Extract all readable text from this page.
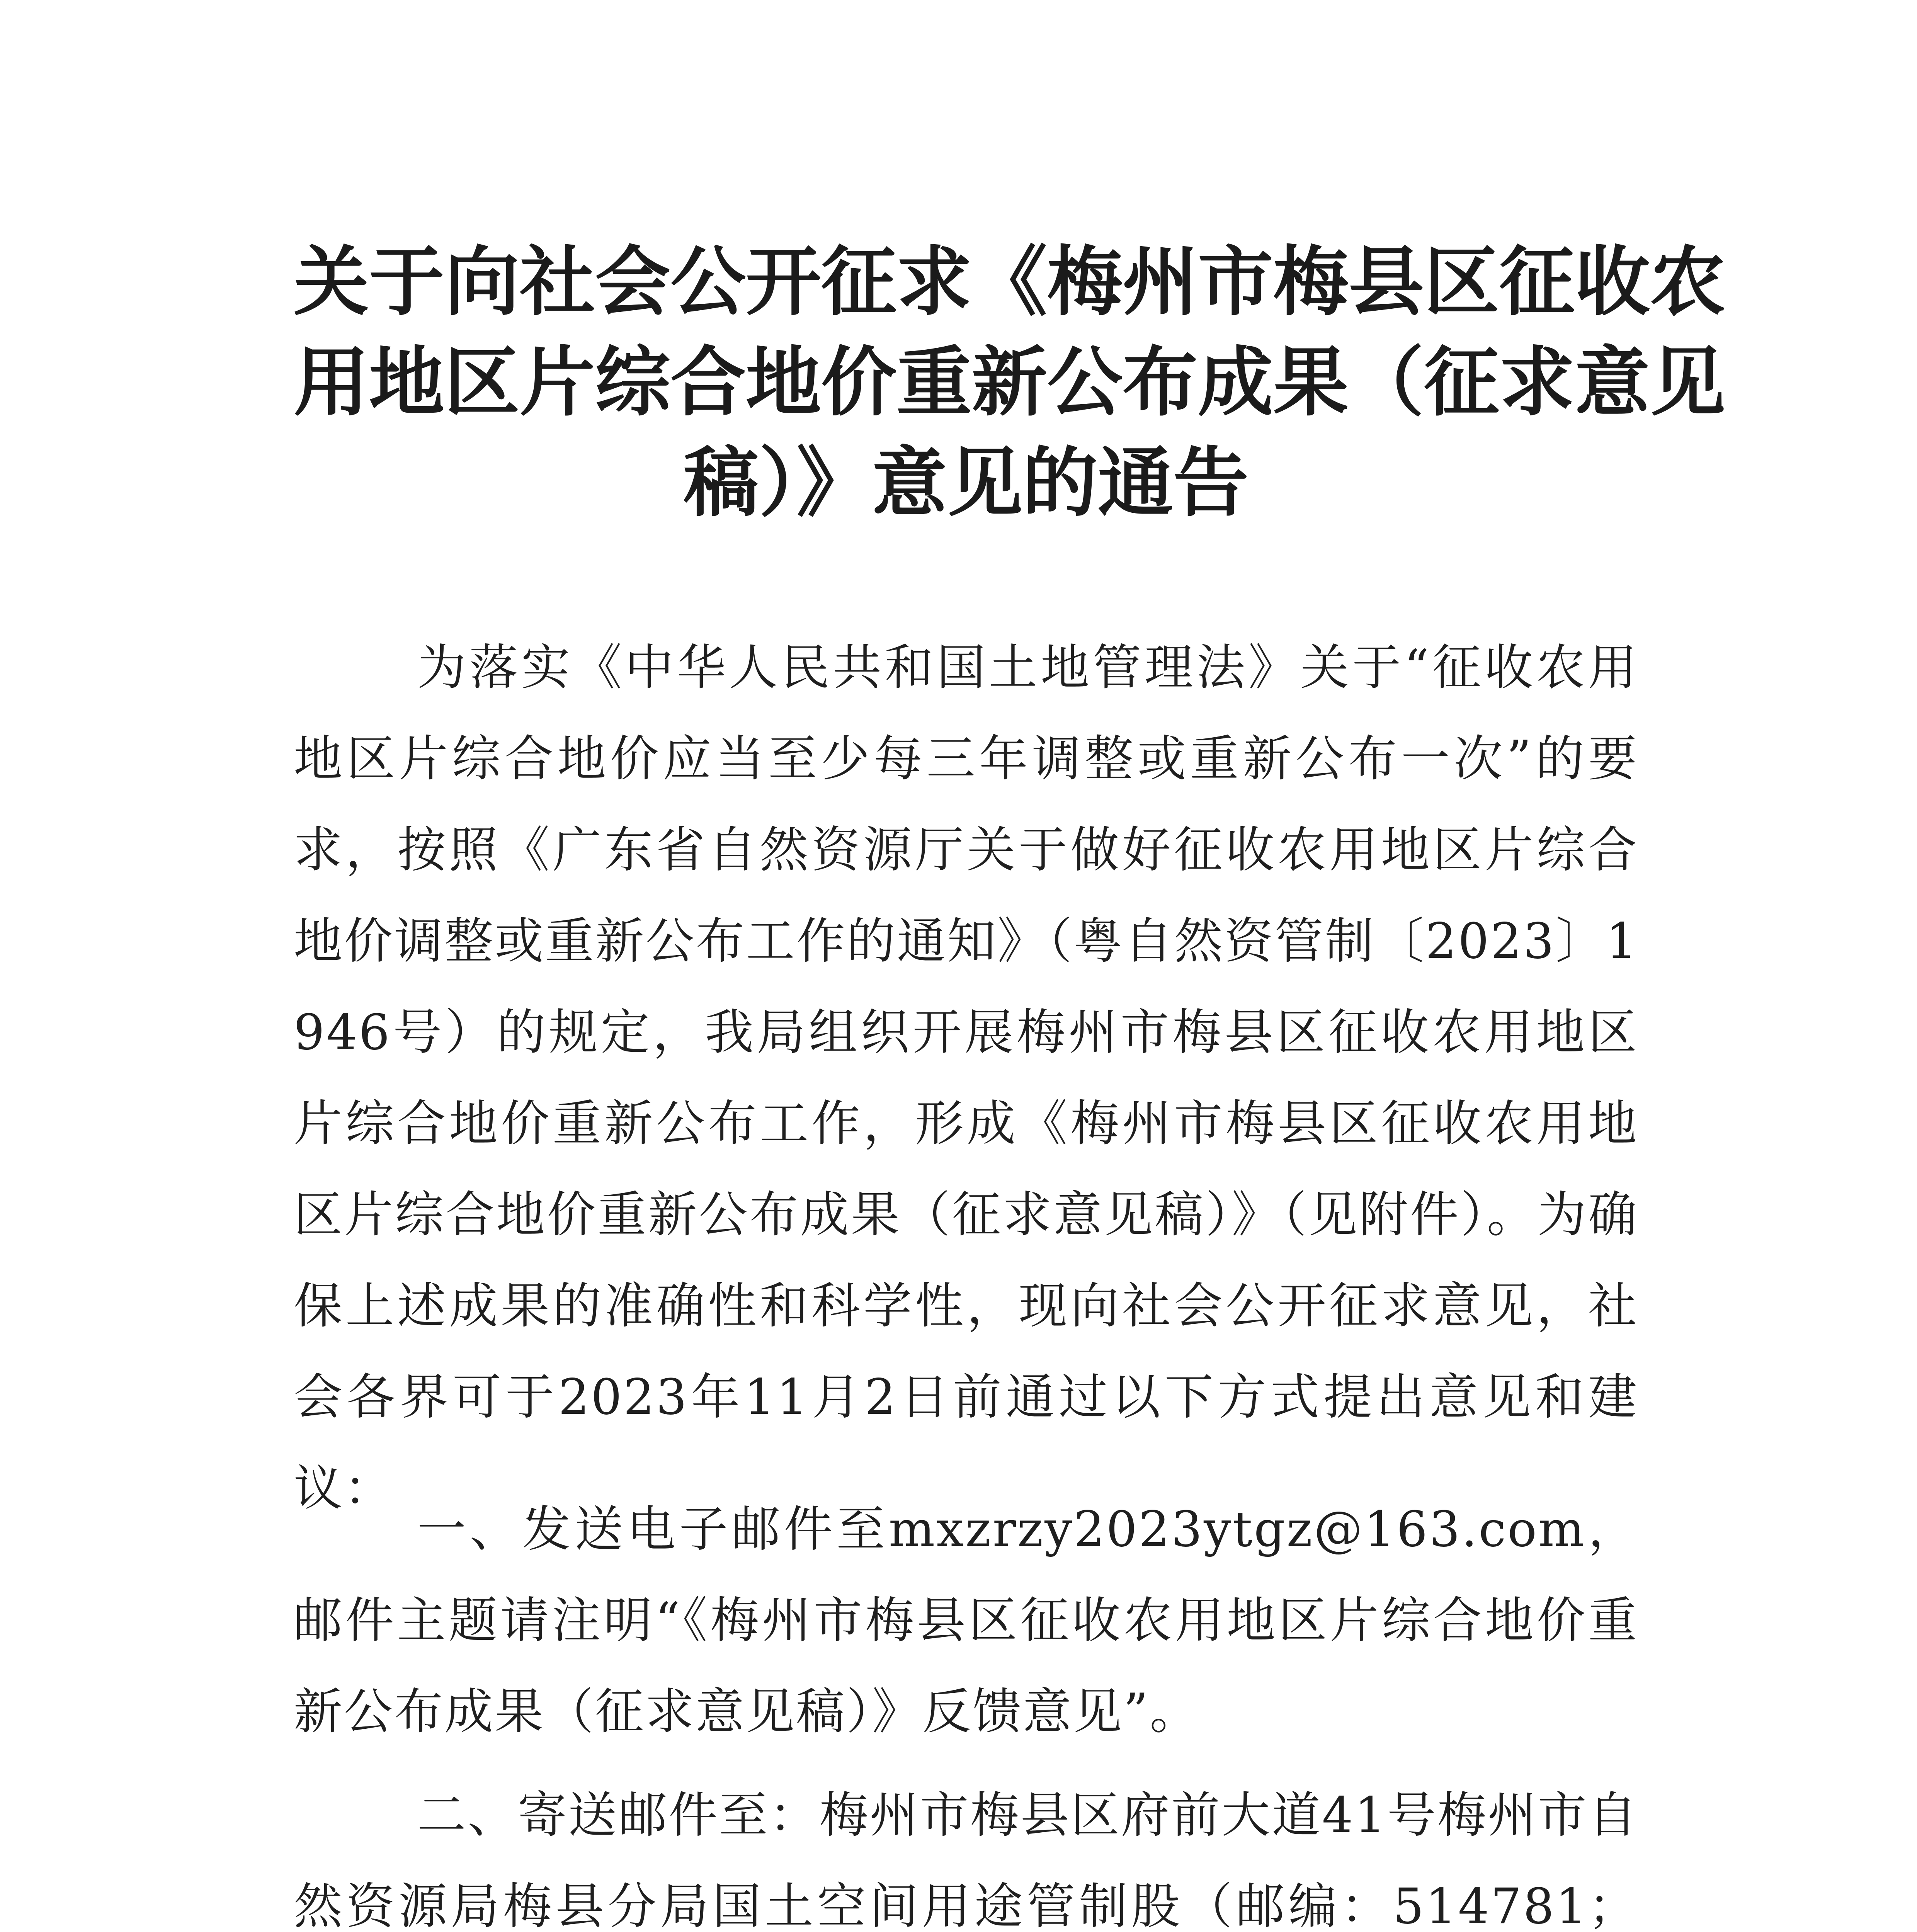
关于向社会公开征求《梅州市梅县区征收农
用地区片综合地价重新公布成果（征求意见
稿）》意见的通告

为落实《中华人民共和国土地管理法》关于“征收农用地区片综合地价应当至少每三年调整或重新公布一次”的要求，按照《广东省自然资源厅关于做好征收农用地区片综合地价调整或重新公布工作的通知》（粤自然资管制〔2023〕1946号）的规定，我局组织开展梅州市梅县区征收农用地区片综合地价重新公布工作，形成《梅州市梅县区征收农用地区片综合地价重新公布成果（征求意见稿）》（见附件）。为确保上述成果的准确性和科学性，现向社会公开征求意见，社会各界可于2023年11月2日前通过以下方式提出意见和建议：

一、发送电子邮件至mxzrzy2023ytgz@163.com，邮件主题请注明“《梅州市梅县区征收农用地区片综合地价重新公布成果（征求意见稿）》反馈意见”。

二、寄送邮件至：梅州市梅县区府前大道41号梅州市自然资源局梅县分局国土空间用途管制股（邮编：514781；
